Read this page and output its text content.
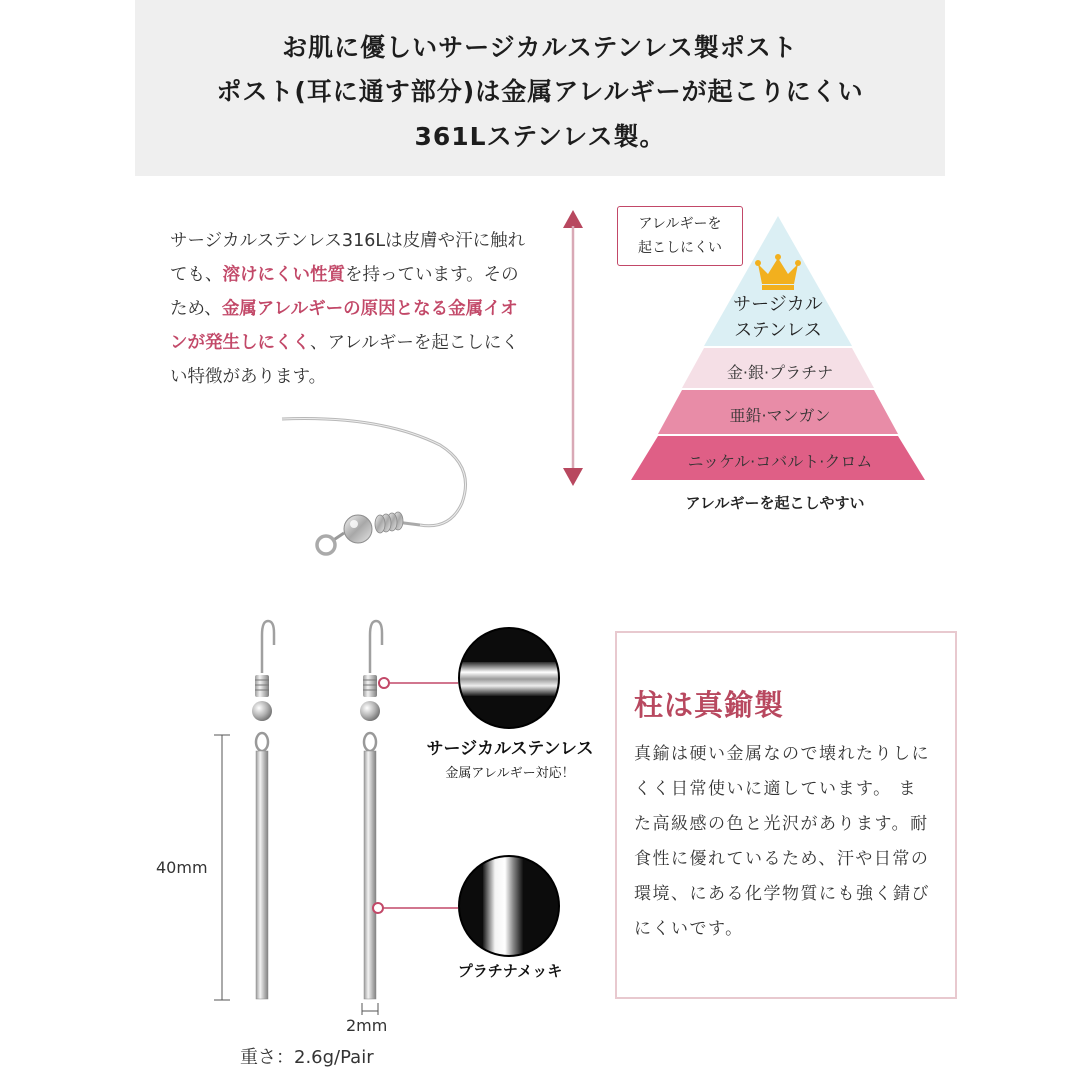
お肌に優しいサージカルステンレス製ポスト
ポスト(耳に通す部分)は金属アレルギーが起こりにくい
361Lステンレス製。
サージカルステンレス316Lは皮膚や汗に触れても、溶けにくい性質を持っています。そのため、金属アレルギーの原因となる金属イオンが発生しにくく、アレルギーを起こしにくい特徴があります。
アレルギーを
起こしにくい
サージカル
ステンレス
金·銀·プラチナ
亜鉛·マンガン
ニッケル·コバルト·クロム
アレルギーを起こしやすい
サージカルステンレス
金属アレルギー対応！
プラチナメッキ
40mm
2mm
重さ：2.6g/Pair
柱は真鍮製
真鍮は硬い金属なので壊れたりしにくく日常使いに適しています。 また高級感の色と光沢があります。耐食性に優れているため、汗や日常の環境、にある化学物質にも強く錆びにくいです。
